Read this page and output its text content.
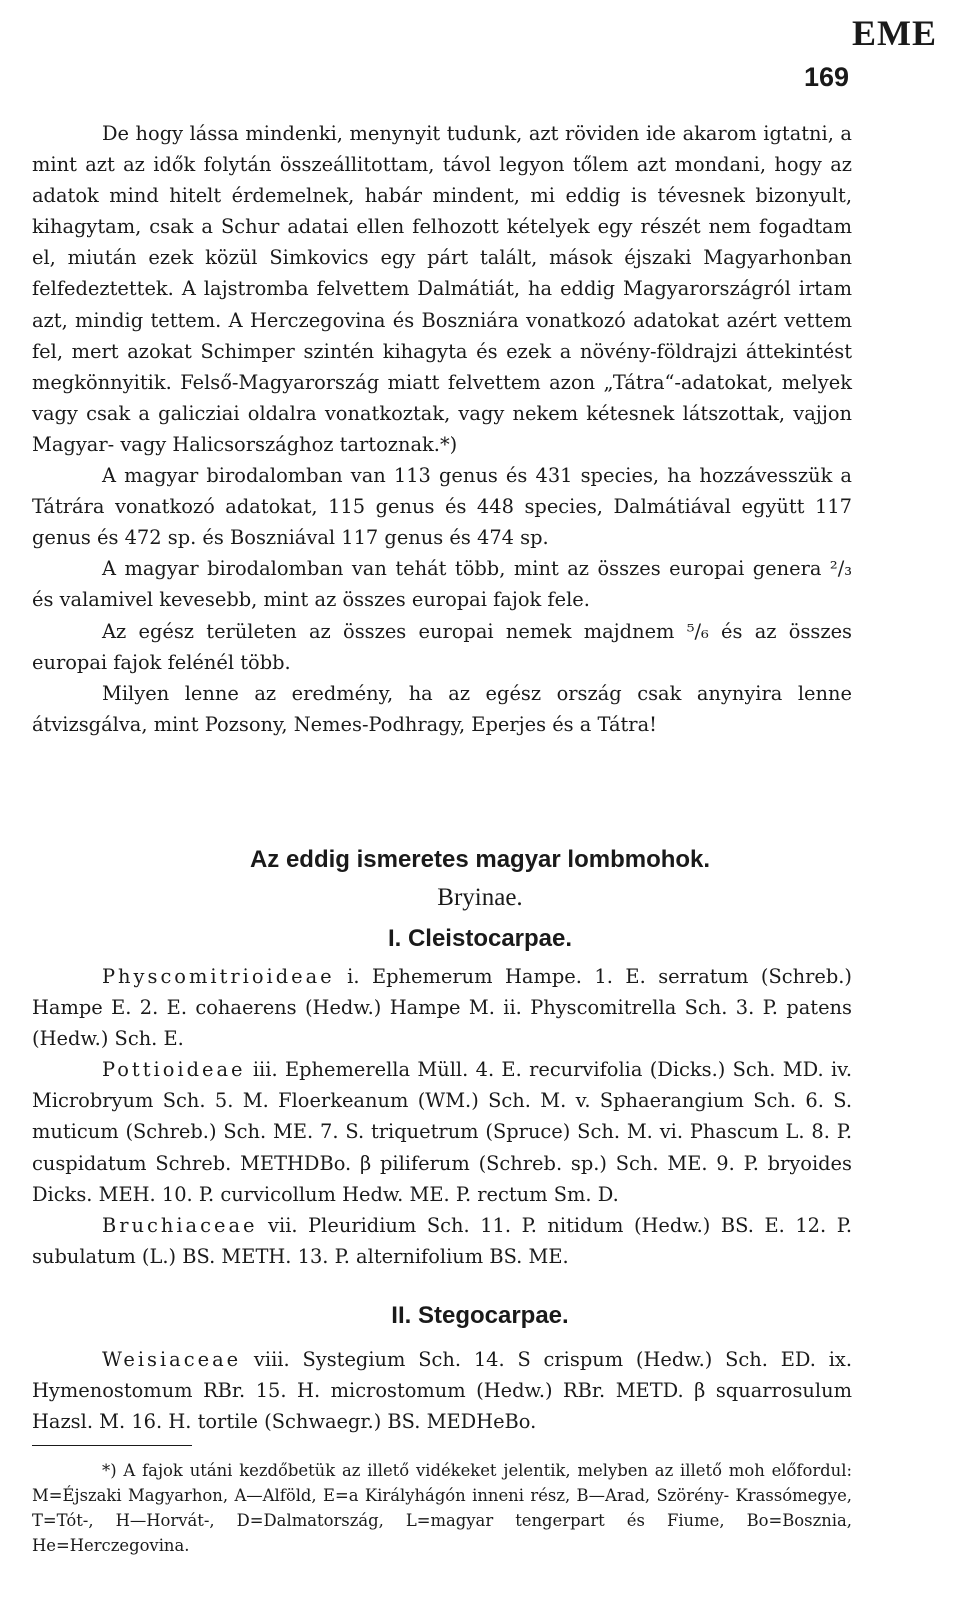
EME
169

De hogy lássa mindenki, menynyit tudunk, azt röviden ide akarom igtatni, a mint azt az idők folytán összeállitottam, távol legyon tőlem azt mondani, hogy az adatok mind hitelt érdemelnek, habár mindent, mi eddig is tévesnek bizonyult, kihagytam, csak a Schur adatai ellen felhozott kételyek egy részét nem fogadtam el, miután ezek közül Simkovics egy párt talált, mások éjszaki Magyarhonban felfedeztettek. A lajstromba felvettem Dalmátiát, ha eddig Magyarországról irtam azt, mindig tettem. A Herczegovina és Boszniára vonatkozó adatokat azért vettem fel, mert azokat Schimper szintén kihagyta és ezek a növény-földrajzi áttekintést megkönnyitik. Felső-Magyarország miatt felvettem azon „Tátra“-adatokat, melyek vagy csak a galicziai oldalra vonatkoztak, vagy nekem kétesnek látszottak, vajjon Magyar- vagy Halicsországhoz tartoznak.*)

A magyar birodalomban van 113 genus és 431 species, ha hozzávesszük a Tátrára vonatkozó adatokat, 115 genus és 448 species, Dalmátiával együtt 117 genus és 472 sp. és Boszniával 117 genus és 474 sp.

A magyar birodalomban van tehát több, mint az összes europai genera ²/₃ és valamivel kevesebb, mint az összes europai fajok fele.

Az egész területen az összes europai nemek majdnem ⁵/₆ és az összes europai fajok felénél több.

Milyen lenne az eredmény, ha az egész ország csak anynyira lenne átvizsgálva, mint Pozsony, Nemes-Podhragy, Eperjes és a Tátra!

Az eddig ismeretes magyar lombmohok.
Bryinae.
I. Cleistocarpae.

Physcomitrioideae i. Ephemerum Hampe. 1. E. serratum (Schreb.) Hampe E. 2. E. cohaerens (Hedw.) Hampe M. ii. Physcomitrella Sch. 3. P. patens (Hedw.) Sch. E.

Pottioideae iii. Ephemerella Müll. 4. E. recurvifolia (Dicks.) Sch. MD. iv. Microbryum Sch. 5. M. Floerkeanum (WM.) Sch. M. v. Sphaerangium Sch. 6. S. muticum (Schreb.) Sch. ME. 7. S. triquetrum (Spruce) Sch. M. vi. Phascum L. 8. P. cuspidatum Schreb. METHDBo. β piliferum (Schreb. sp.) Sch. ME. 9. P. bryoides Dicks. MEH. 10. P. curvicollum Hedw. ME. P. rectum Sm. D.

Bruchiaceae vii. Pleuridium Sch. 11. P. nitidum (Hedw.) BS. E. 12. P. subulatum (L.) BS. METH. 13. P. alternifolium BS. ME.

II. Stegocarpae.

Weisiaceae viii. Systegium Sch. 14. S crispum (Hedw.) Sch. ED. ix. Hymenostomum RBr. 15. H. microstomum (Hedw.) RBr. METD. β squarrosulum Hazsl. M. 16. H. tortile (Schwaegr.) BS. MEDHeBo.

*) A fajok utáni kezdőbetük az illető vidékeket jelentik, melyben az illető moh előfordul: M=Éjszaki Magyarhon, A—Alföld, E=a Királyhágón inneni rész, B—Arad, Szörény- Krassómegye, T=Tót-, H—Horvát-, D=Dalmatország, L=magyar tengerpart és Fiume, Bo=Bosznia, He=Herczegovina.
